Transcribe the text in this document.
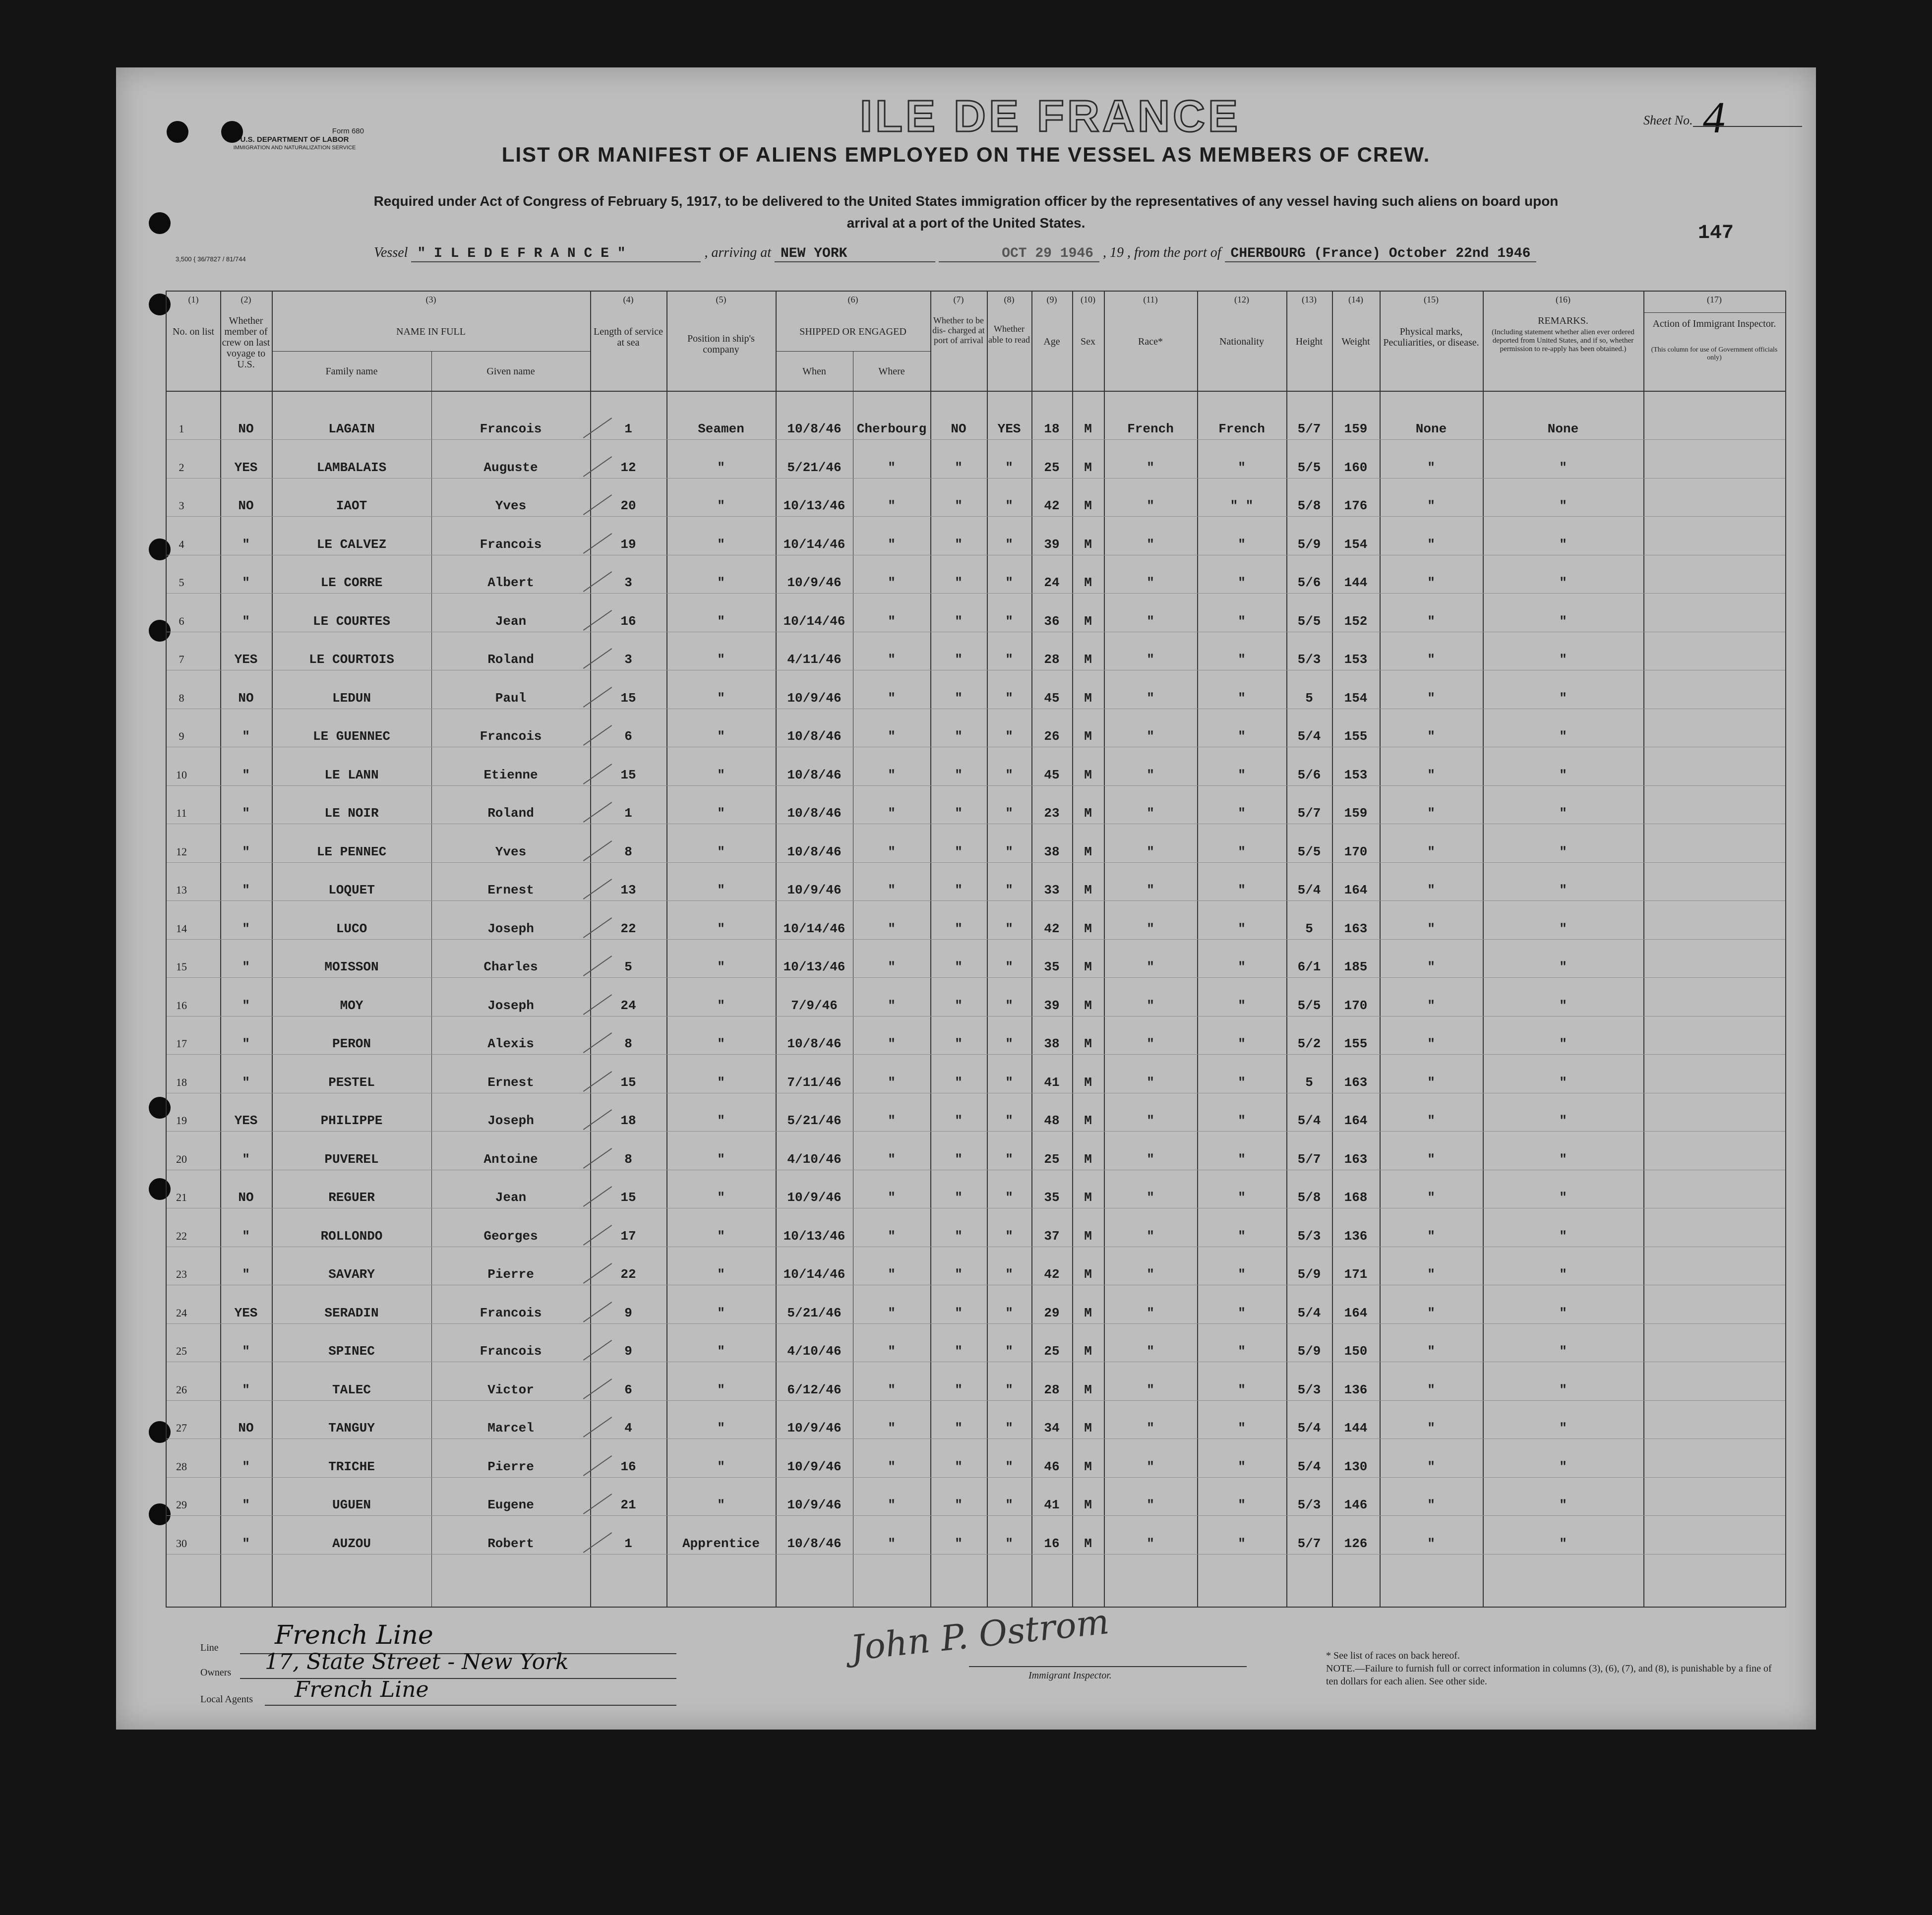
Form 680
U.S. DEPARTMENT OF LABOR
IMMIGRATION AND NATURALIZATION SERVICE
ILE DE FRANCE	Sheet No. 4
LIST OR MANIFEST OF ALIENS EMPLOYED ON THE VESSEL AS MEMBERS OF CREW.
Required under Act of Congress of February 5, 1917, to be delivered to the United States immigration officer by the representatives of any vessel having such aliens on board upon arrival at a port of the United States.	147
3,500 { 36/7827 / 81/744	Vessel " I L E D E F R A N C E "	, arriving at NEW YORK	OCT 29 1946 , 19 , from the port of CHERBOURG (France) October 22nd 1946
(1)	(2)	(3)	(4)	(5)	(6)	(7)	(8)	(9)	(10)	(11)	(12)	(13)	(14)	(15)	(16)	(17)
No. on list
Whether member of crew on last voyage to U.S.
NAME IN FULL
Family name	Given name
Length of service at sea	Position in ship's company
SHIPPED OR ENGAGED
When	Where
Whether to be dis- charged at port of arrival
Whether able to read	Age	Sex	Race*	Nationality	Height	Weight
Physical marks, Peculiarities, or disease.
REMARKS.
(Including statement whether alien ever ordered deported from United States, and if so, whether permission to re-apply has been obtained.)
Action of Immigrant Inspector.
(This column for use of Government officials only)
1	NO	LAGAIN	Francois	1	Seamen	10/8/46	Cherbourg	NO	YES	18	M	French	French	5/7	159	None	None
2	YES	LAMBALAIS	Auguste	12	"	5/21/46	"	"	"	25	M	"	"	5/5	160	"	"
3	NO	IAOT	Yves	20	"	10/13/46	"	"	"	42	M	"	" "	5/8	176	"	"
4	"	LE CALVEZ	Francois	19	"	10/14/46	"	"	"	39	M	"	"	5/9	154	"	"
5	"	LE CORRE	Albert	3	"	10/9/46	"	"	"	24	M	"	"	5/6	144	"	"
6	"	LE COURTES	Jean	16	"	10/14/46	"	"	"	36	M	"	"	5/5	152	"	"
7	YES	LE COURTOIS	Roland	3	"	4/11/46	"	"	"	28	M	"	"	5/3	153	"	"
8	NO	LEDUN	Paul	15	"	10/9/46	"	"	"	45	M	"	"	5	154	"	"
9	"	LE GUENNEC	Francois	6	"	10/8/46	"	"	"	26	M	"	"	5/4	155	"	"
10	"	LE LANN	Etienne	15	"	10/8/46	"	"	"	45	M	"	"	5/6	153	"	"
11	"	LE NOIR	Roland	1	"	10/8/46	"	"	"	23	M	"	"	5/7	159	"	"
12	"	LE PENNEC	Yves	8	"	10/8/46	"	"	"	38	M	"	"	5/5	170	"	"
13	"	LOQUET	Ernest	13	"	10/9/46	"	"	"	33	M	"	"	5/4	164	"	"
14	"	LUCO	Joseph	22	"	10/14/46	"	"	"	42	M	"	"	5	163	"	"
15	"	MOISSON	Charles	5	"	10/13/46	"	"	"	35	M	"	"	6/1	185	"	"
16	"	MOY	Joseph	24	"	7/9/46	"	"	"	39	M	"	"	5/5	170	"	"
17	"	PERON	Alexis	8	"	10/8/46	"	"	"	38	M	"	"	5/2	155	"	"
18	"	PESTEL	Ernest	15	"	7/11/46	"	"	"	41	M	"	"	5	163	"	"
19	YES	PHILIPPE	Joseph	18	"	5/21/46	"	"	"	48	M	"	"	5/4	164	"	"
20	"	PUVEREL	Antoine	8	"	4/10/46	"	"	"	25	M	"	"	5/7	163	"	"
21	NO	REGUER	Jean	15	"	10/9/46	"	"	"	35	M	"	"	5/8	168	"	"
22	"	ROLLONDO	Georges	17	"	10/13/46	"	"	"	37	M	"	"	5/3	136	"	"
23	"	SAVARY	Pierre	22	"	10/14/46	"	"	"	42	M	"	"	5/9	171	"	"
24	YES	SERADIN	Francois	9	"	5/21/46	"	"	"	29	M	"	"	5/4	164	"	"
25	"	SPINEC	Francois	9	"	4/10/46	"	"	"	25	M	"	"	5/9	150	"	"
26	"	TALEC	Victor	6	"	6/12/46	"	"	"	28	M	"	"	5/3	136	"	"
27	NO	TANGUY	Marcel	4	"	10/9/46	"	"	"	34	M	"	"	5/4	144	"	"
28	"	TRICHE	Pierre	16	"	10/9/46	"	"	"	46	M	"	"	5/4	130	"	"
29	"	UGUEN	Eugene	21	"	10/9/46	"	"	"	41	M	"	"	5/3	146	"	"
30	"	AUZOU	Robert	1	Apprentice	10/8/46	"	"	"	16	M	"	"	5/7	126	"	"
Line French Line
Owners 17, State Street - New York
Local Agents French Line
John P. Ostrom
Immigrant Inspector.
* See list of races on back hereof.
NOTE.—Failure to furnish full or correct information in columns (3), (6), (7), and (8), is punishable by a fine of ten dollars for each alien. See other side.
